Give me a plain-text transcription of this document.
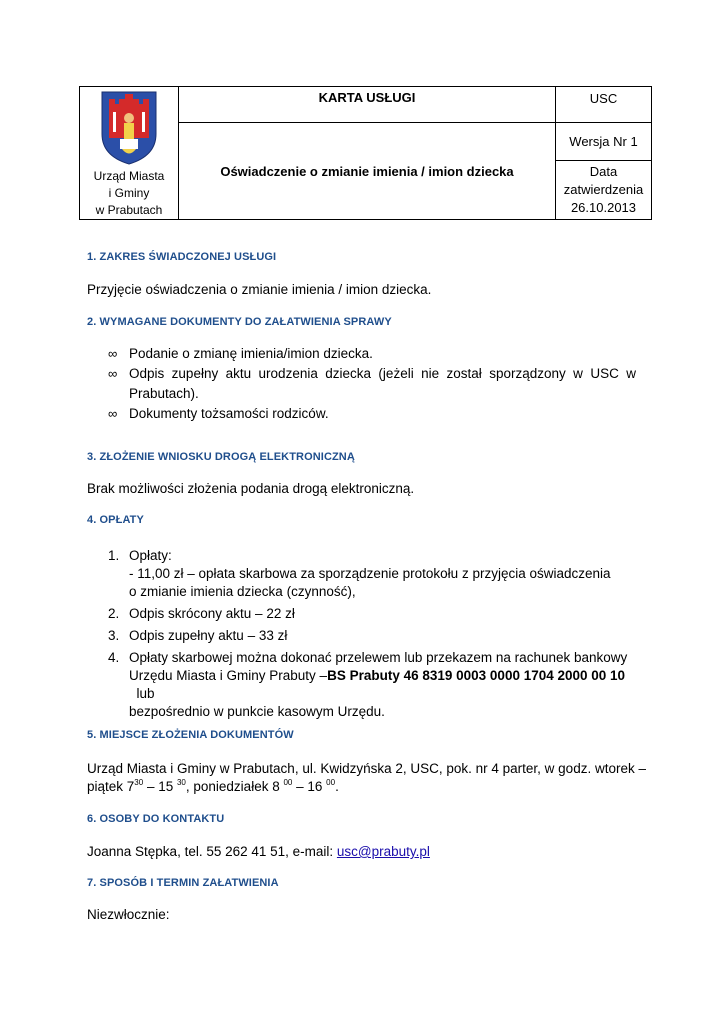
Urząd Miasta
i Gminy
w Prabutach	KARTA USŁUGI	USC
	Oświadczenie o zmianie imienia / imion dziecka	Wersja Nr 1

		Data
zatwierdzenia
26.10.2013
1. ZAKRES ŚWIADCZONEJ USŁUGI
Przyjęcie oświadczenia o zmianie imienia / imion dziecka.
2. WYMAGANE DOKUMENTY DO ZAŁATWIENIA SPRAWY
∞ Podanie o zmianę imienia/imion dziecka.
∞ Odpis zupełny aktu urodzenia dziecka (jeżeli nie został sporządzony w USC w Prabutach).
∞ Dokumenty tożsamości rodziców.
3. ZŁOŻENIE WNIOSKU DROGĄ ELEKTRONICZNĄ
Brak możliwości złożenia podania drogą elektroniczną.
4. OPŁATY
1. Opłaty:
- 11,00 zł – opłata skarbowa za sporządzenie protokołu z przyjęcia oświadczenia
o zmianie imienia dziecka (czynność),
2. Odpis skrócony aktu – 22 zł
3. Odpis zupełny aktu – 33 zł
4. Opłaty skarbowej można dokonać przelewem lub przekazem na rachunek bankowy
Urzędu Miasta i Gminy Prabuty –BS Prabuty 46 8319 0003 0000 1704 2000 00 10  lub
bezpośrednio w punkcie kasowym Urzędu.
5. MIEJSCE ZŁOŻENIA DOKUMENTÓW
Urząd Miasta i Gminy w Prabutach, ul. Kwidzyńska 2, USC, pok. nr 4 parter, w godz. wtorek –
piątek $7^{30} - 15$ $^{30}$, poniedziałek 8 $^{00}$ – 16 $^{00}$.
6. OSOBY DO KONTAKTU
Joanna Stępka, tel. 55 262 41 51, e-mail: usc@prabuty.pl
7. SPOSÓB I TERMIN ZAŁATWIENIA
Niezwłocznie:
